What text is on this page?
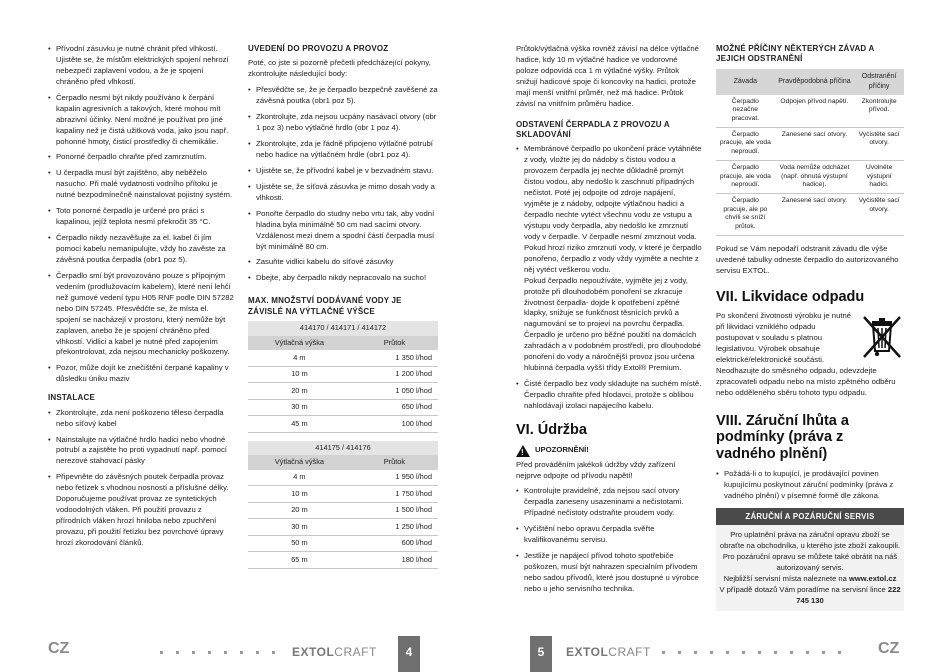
• Přívodní zásuvku je nutné chránit před vlhkostí. Ujistěte se, že místům elektrických spojení nehrozí nebezpečí zaplavení vodou, a že je spojení chráněno před vlhkostí.
• Čerpadlo nesmí být nikdy používáno k čerpání kapalin agresivních a takových, které mohou mít abrazivní účinky. Není možné je používat pro jiné kapaliny než je čistá užitková voda, jako jsou např. pohonné hmoty, čisticí prostředky či chemikálie.
• Ponorné čerpadlo chraňte před zamrznutím.
• U čerpadla musí být zajištěno, aby neběželo nasucho. Při malé vydatnosti vodního přítoku je nutné bezpodmínečně nainstalovat pojistný systém.
• Toto ponorné čerpadlo je určené pro práci s kapalinou, jejíž teplota nesmí překročit 35 °C.
• Čerpadlo nikdy nezavěšujte za el. kabel či jím pomocí kabelu nemanipulujte, vždy ho zavěste za závěsná poutka čerpadla (obr1 poz 5).
• Čerpadlo smí být provozováno pouze s přípojným vedením (prodlužovacím kabelem), které není lehčí než gumové vedení typu H05 RNF podle DIN 57282 nebo DIN 57245. Přesvědčte se, že místa el. spojení se nacházejí v prostoru, který nemůže být zaplaven, anebo že je spojení chráněno před vlhkostí. Vidlici a kabel je nutné před zapojením překontrolovat, zda nejsou mechanicky poškozeny.
• Pozor, může dojít ke znečištění čerpané kapaliny v důsledku úniku maziv
INSTALACE
• Zkontrolujte, zda není poškozeno těleso čerpadla nebo síťový kabel
• Nainstalujte na výtlačné hrdlo hadici nebo vhodné potrubí a zajistěte ho proti vypadnutí např. pomocí nerezové stahovací pásky
• Připevněte do závěsných poutek čerpadla provaz nebo řetízek s vhodnou nosností a příslušné délky. Doporučujeme používat provaz ze syntetických vodoodolných vláken. Při použití provazu z přírodních vláken hrozí hniloba nebo zpuchření provazu, při použití řetízku bez povrchové úpravy hrozí zkorodování článků.
UVEDENÍ DO PROVOZU A PROVOZ

Poté, co jste si pozorně přečetli předcházející pokyny, zkontrolujte následující body:

• Přesvědčte se, že je čerpadlo bezpečně zavěšené za závěsná poutka (obr1 poz 5).
• Zkontrolujte, zda nejsou ucpány nasávací otvory (obr 1 poz 3) nebo výtlačné hrdlo (obr 1 poz 4).
• Zkontrolujte, zda je řádně připojeno výtlačné potrubí nebo hadice na výtlačném hrdle (obr1 poz 4).
• Ujistěte se, že přívodní kabel je v bezvadném stavu.
• Ujistěte se, že síťová zásuvka je mimo dosah vody a vlhkosti.
• Ponořte čerpadlo do studny nebo vrtu tak, aby vodní hladina byla minimálně 50 cm nad sacími otvory. Vzdálenost mezi dnem a spodní částí čerpadla musí být minimálně 80 cm.
• Zasuňte vidlici kabelu do síťové zásuvky
• Dbejte, aby čerpadlo nikdy nepracovalo na sucho!
MAX. MNOŽSTVÍ DODÁVANÉ VODY JE ZÁVISLÉ NA VÝTLAČNÉ VÝŠCE
414170 / 414171 / 414172	
Výtlačná výška	Průtok
4 m	1 350 l/hod
10 m	1 200 l/hod
20 m	1 050 l/hod
30 m	650 l/hod
45 m	100 l/hod
414175 / 414176	
Výtlačná výška	Průtok
4 m	1 950 l/hod
10 m	1 750 l/hod
20 m	1 500 l/hod
30 m	1 250 l/hod
50 m	600 l/hod
65 m	180 l/hod

Průtok/výtlačná výška rovněž závisí na délce výtlačné hadice, kdy 10 m výtlačné hadice ve vodorovné poloze odpovídá cca 1 m výtlačné výšky. Průtok snižují hadicové spoje či koncovky na hadici, protože mají menší vnitřní průměr, než má hadice. Průtok závisí na vnitřním průměru hadice.

ODSTAVENÍ ČERPADLA Z PROVOZU A SKLADOVÁNÍ
• Membránové čerpadlo po ukončení práce vytáhněte z vody, vložte jej do nádoby s čistou vodou a provozem čerpadla jej nechte důkladně promýt čistou vodou, aby nedošlo k zaschnutí případných nečistot. Poté jej odpojte od zdroje napájení, vyjměte je z nádoby, odpojte výtlačnou hadici a čerpadlo nechte vytéct všechnu vodu ze vstupu a výstupu vody čerpadla, aby nedošlo ke zmrznutí vody v čerpadle. V čerpadle nesmí zmrznout voda. Pokud hrozí riziko zmrznutí vody, v které je čerpadlo ponořeno, čerpadlo z vody vždy vyjměte a nechte z něj vytéct veškerou vodu.

Pokud čerpadlo nepoužíváte, vyjměte jej z vody, protože při dlouhodobém ponoření se zkracuje životnost čerpadla- dojde k opotřebení zpětné klapky, snižuje se funkčnost těsnících prvků a nagumování se to projeví na povrchu čerpadla. Čerpadlo je určeno pro běžné použití na domácích zahradách a v podobném prostředí, pro dlouhodobé ponoření do vody a náročnější provoz jsou určena hlubinná čerpadla vyšší třídy Extol® Premium.

• Čisté čerpadlo bez vody skladujte na suchém místě. Čerpadlo chraňte před hlodavci, protože s oblibou nahlodávají izolaci napájecího kabelu.
VI. Údržba
! UPOZORNĚNÍ!

Před prováděním jakékoli údržby vždy zařízení nejprve odpojte od přívodu napětí!

• Kontrolujte pravidelně, zda nejsou sací otvory čerpadla zaneseny usazeninami a nečistotami. Případné nečistoty odstraňte proudem vody.
• Vyčištění nebo opravu čerpadla svěřte kvalifikovanému servisu.
• Jestliže je napájecí přívod tohoto spotřebiče poškozen, musí být nahrazen specialním přívodem nebo sadou přívodů, které jsou dostupné u výrobce nebo u jeho servisního technika.
MOŽNÉ PŘÍČINY NĚKTERÝCH ZÁVAD A JEJICH ODSTRANĚNÍ
Závada	Pravděpodobná příčina	Odstranění příčiny
Čerpadlo nezačne pracovat.	Odpojen přívod napětí.	Zkontrolujte přívod.
Čerpadlo pracuje, ale voda neproudí.	Zanesené sací otvory.	Vyčistěte sací otvory.
Čerpadlo pracuje, ale voda neproudí.	Voda nemůže odcházet (např. ohnutá výstupní hadice).	Uvolněte výstupní hadici.
Čerpadlo pracuje, ale po chvíli se sníží průtok.	Zanesené sací otvory.	Vyčistěte sací otvory.

Pokud se Vám nepodaří odstranit závadu dle výše uvedené tabulky odneste čerpadlo do autorizovaného servisu EXTOL.

VII. Likvidace odpadu

Po skončení životnosti výrobku je nutné při likvidaci vzniklého odpadu postupovat v souladu s platnou legislativou. Výrobek obsahuje elektrické/elektronické součásti. Neodhazujte do směsného odpadu, odevzdejte zpracovateli odpadu nebo na místo zpětného odběru nebo odděleného sběru tohoto typu odpadu.

VIII. Záruční lhůta a podmínky (práva z vadného plnění)
• Požádá-li o to kupující, je prodávající povinen kupujícímu poskytnout záruční podmínky (práva z vadného plnění) v písemné formě dle zákona.
ZÁRUČNÍ A POZÁRUČNÍ SERVIS
Pro uplatnění práva na záruční opravu zboží se obraťte na obchodníka, u kterého jste zboží zakoupili.
Pro pozáruční opravu se můžete také obrátit na náš autorizovaný servis.
Nejbližší servisní místa naleznete na www.extol.cz
V případě dotazů Vám poradíme na servisní lince 222 745 130
CZ	EXTOLCRAFT	4	5	EXTOLCRAFT	CZ
